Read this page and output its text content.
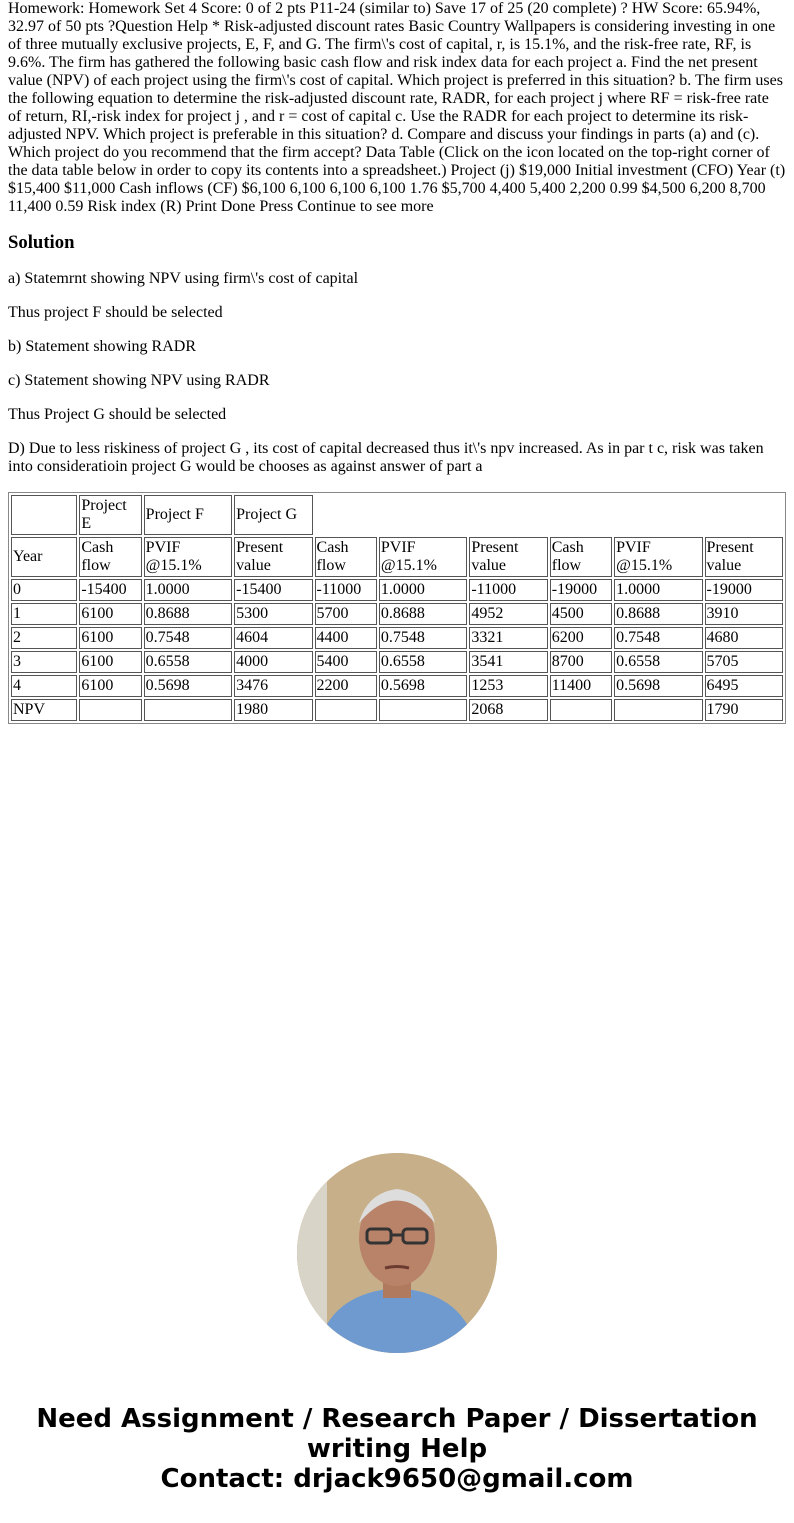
Homework: Homework Set 4 Score: 0 of 2 pts P11-24 (similar to) Save 17 of 25 (20 complete) ? HW Score: 65.94%, 32.97 of 50 pts ?Question Help * Risk-adjusted discount rates Basic Country Wallpapers is considering investing in one of three mutually exclusive projects, E, F, and G. The firm\'s cost of capital, r, is 15.1%, and the risk-free rate, RF, is 9.6%. The firm has gathered the following basic cash flow and risk index data for each project a. Find the net present value (NPV) of each project using the firm\'s cost of capital. Which project is preferred in this situation? b. The firm uses the following equation to determine the risk-adjusted discount rate, RADR, for each project j where RF = risk-free rate of return, RI,-risk index for project j , and r = cost of capital c. Use the RADR for each project to determine its risk-adjusted NPV. Which project is preferable in this situation? d. Compare and discuss your findings in parts (a) and (c). Which project do you recommend that the firm accept? Data Table (Click on the icon located on the top-right corner of the data table below in order to copy its contents into a spreadsheet.) Project (j) $19,000 Initial investment (CFO) Year (t) $15,400 $11,000 Cash inflows (CF) $6,100 6,100 6,100 6,100 1.76 $5,700 4,400 5,400 2,200 0.99 $4,500 6,200 8,700 11,400 0.59 Risk index (R) Print Done Press Continue to see more

Solution

a) Statemrnt showing NPV using firm\'s cost of capital

Thus project F should be selected

b) Statement showing RADR

c) Statement showing NPV using RADR

Thus Project G should be selected

D) Due to less riskiness of project G , its cost of capital decreased thus it\'s npv increased. As in par t c, risk was taken into consideratioin project G would be chooses as against answer of part a

	Project E	Project F	Project G						
Year	Cash flow	PVIF @15.1%	Present value	Cash flow	PVIF @15.1%	Present value	Cash flow	PVIF @15.1%	Present value
0	-15400	1.0000	-15400	-11000	1.0000	-11000	-19000	1.0000	-19000
1	6100	0.8688	5300	5700	0.8688	4952	4500	0.8688	3910
2	6100	0.7548	4604	4400	0.7548	3321	6200	0.7548	4680
3	6100	0.6558	4000	5400	0.6558	3541	8700	0.6558	5705
4	6100	0.5698	3476	2200	0.5698	1253	11400	0.5698	6495
NPV			1980			2068			1790
Need Assignment / Research Paper / Dissertation writing Help
Contact: drjack9650@gmail.com
